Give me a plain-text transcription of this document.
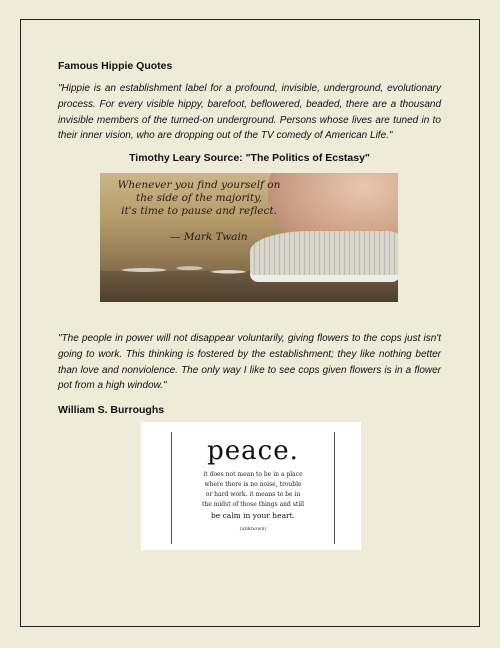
Famous Hippie Quotes

"Hippie is an establishment label for a profound, invisible, underground, evolutionary process. For every visible hippy, barefoot, beflowered, beaded, there are a thousand invisible members of the turned-on underground. Persons whose lives are tuned in to their inner vision, who are dropping out of the TV comedy of American Life."

Timothy Leary Source: "The Politics of Ecstasy"
Whenever you find yourself on
the side of the majority,
it's time to pause and reflect.
— Mark Twain

"The people in power will not disappear voluntarily, giving flowers to the cops just isn't going to work. This thinking is fostered by the establishment; they like nothing better than love and nonviolence. The only way I like to see cops given flowers is in a flower pot from a high window."

William S. Burroughs
peace.
it does not mean to be in a place
where there is no noise, trouble
or hard work. it means to be in
the midst of those things and still
be calm in your heart.
(unknown)
